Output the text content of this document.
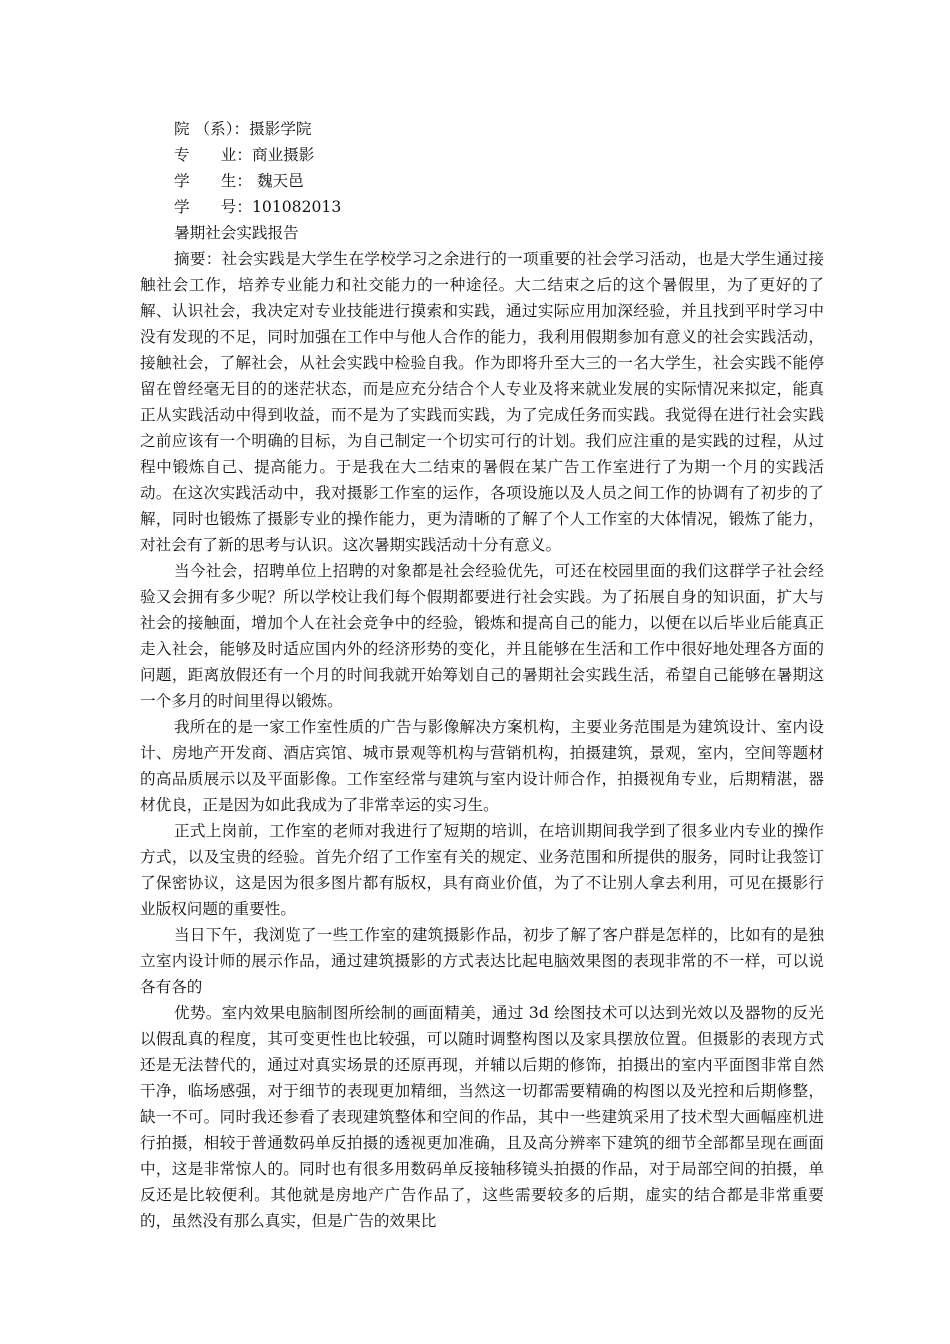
院 （系）：摄影学院

专　　业：商业摄影

学　　生： 魏天邑

学　　号：101082013

暑期社会实践报告

摘要：社会实践是大学生在学校学习之余进行的一项重要的社会学习活动，也是大学生通过接触社会工作，培养专业能力和社交能力的一种途径。大二结束之后的这个暑假里，为了更好的了解、认识社会，我决定对专业技能进行摸索和实践，通过实际应用加深经验，并且找到平时学习中没有发现的不足，同时加强在工作中与他人合作的能力，我利用假期参加有意义的社会实践活动，接触社会，了解社会，从社会实践中检验自我。作为即将升至大三的一名大学生，社会实践不能停留在曾经毫无目的的迷茫状态，而是应充分结合个人专业及将来就业发展的实际情况来拟定，能真正从实践活动中得到收益，而不是为了实践而实践，为了完成任务而实践。我觉得在进行社会实践之前应该有一个明确的目标，为自己制定一个切实可行的计划。我们应注重的是实践的过程，从过程中锻炼自己、提高能力。于是我在大二结束的暑假在某广告工作室进行了为期一个月的实践活动。在这次实践活动中，我对摄影工作室的运作，各项设施以及人员之间工作的协调有了初步的了解，同时也锻炼了摄影专业的操作能力，更为清晰的了解了个人工作室的大体情况，锻炼了能力，对社会有了新的思考与认识。这次暑期实践活动十分有意义。

当今社会，招聘单位上招聘的对象都是社会经验优先，可还在校园里面的我们这群学子社会经验又会拥有多少呢？所以学校让我们每个假期都要进行社会实践。为了拓展自身的知识面，扩大与社会的接触面，增加个人在社会竞争中的经验，锻炼和提高自己的能力，以便在以后毕业后能真正走入社会，能够及时适应国内外的经济形势的变化，并且能够在生活和工作中很好地处理各方面的问题，距离放假还有一个月的时间我就开始筹划自己的暑期社会实践生活，希望自己能够在暑期这一个多月的时间里得以锻炼。

我所在的是一家工作室性质的广告与影像解决方案机构，主要业务范围是为建筑设计、室内设计、房地产开发商、酒店宾馆、城市景观等机构与营销机构，拍摄建筑，景观，室内，空间等题材的高品质展示以及平面影像。工作室经常与建筑与室内设计师合作，拍摄视角专业，后期精湛，器材优良，正是因为如此我成为了非常幸运的实习生。

正式上岗前，工作室的老师对我进行了短期的培训，在培训期间我学到了很多业内专业的操作方式，以及宝贵的经验。首先介绍了工作室有关的规定、业务范围和所提供的服务，同时让我签订了保密协议，这是因为很多图片都有版权，具有商业价值，为了不让别人拿去利用，可见在摄影行业版权问题的重要性。

当日下午，我浏览了一些工作室的建筑摄影作品，初步了解了客户群是怎样的，比如有的是独立室内设计师的展示作品，通过建筑摄影的方式表达比起电脑效果图的表现非常的不一样，可以说各有各的

优势。室内效果电脑制图所绘制的画面精美，通过 3d 绘图技术可以达到光效以及器物的反光以假乱真的程度，其可变更性也比较强，可以随时调整构图以及家具摆放位置。但摄影的表现方式还是无法替代的，通过对真实场景的还原再现，并辅以后期的修饰，拍摄出的室内平面图非常自然干净，临场感强，对于细节的表现更加精细，当然这一切都需要精确的构图以及光控和后期修整，缺一不可。同时我还参看了表现建筑整体和空间的作品，其中一些建筑采用了技术型大画幅座机进行拍摄，相较于普通数码单反拍摄的透视更加准确，且及高分辨率下建筑的细节全部都呈现在画面中，这是非常惊人的。同时也有很多用数码单反接轴移镜头拍摄的作品，对于局部空间的拍摄，单反还是比较便利。其他就是房地产广告作品了，这些需要较多的后期，虚实的结合都是非常重要的，虽然没有那么真实，但是广告的效果比
